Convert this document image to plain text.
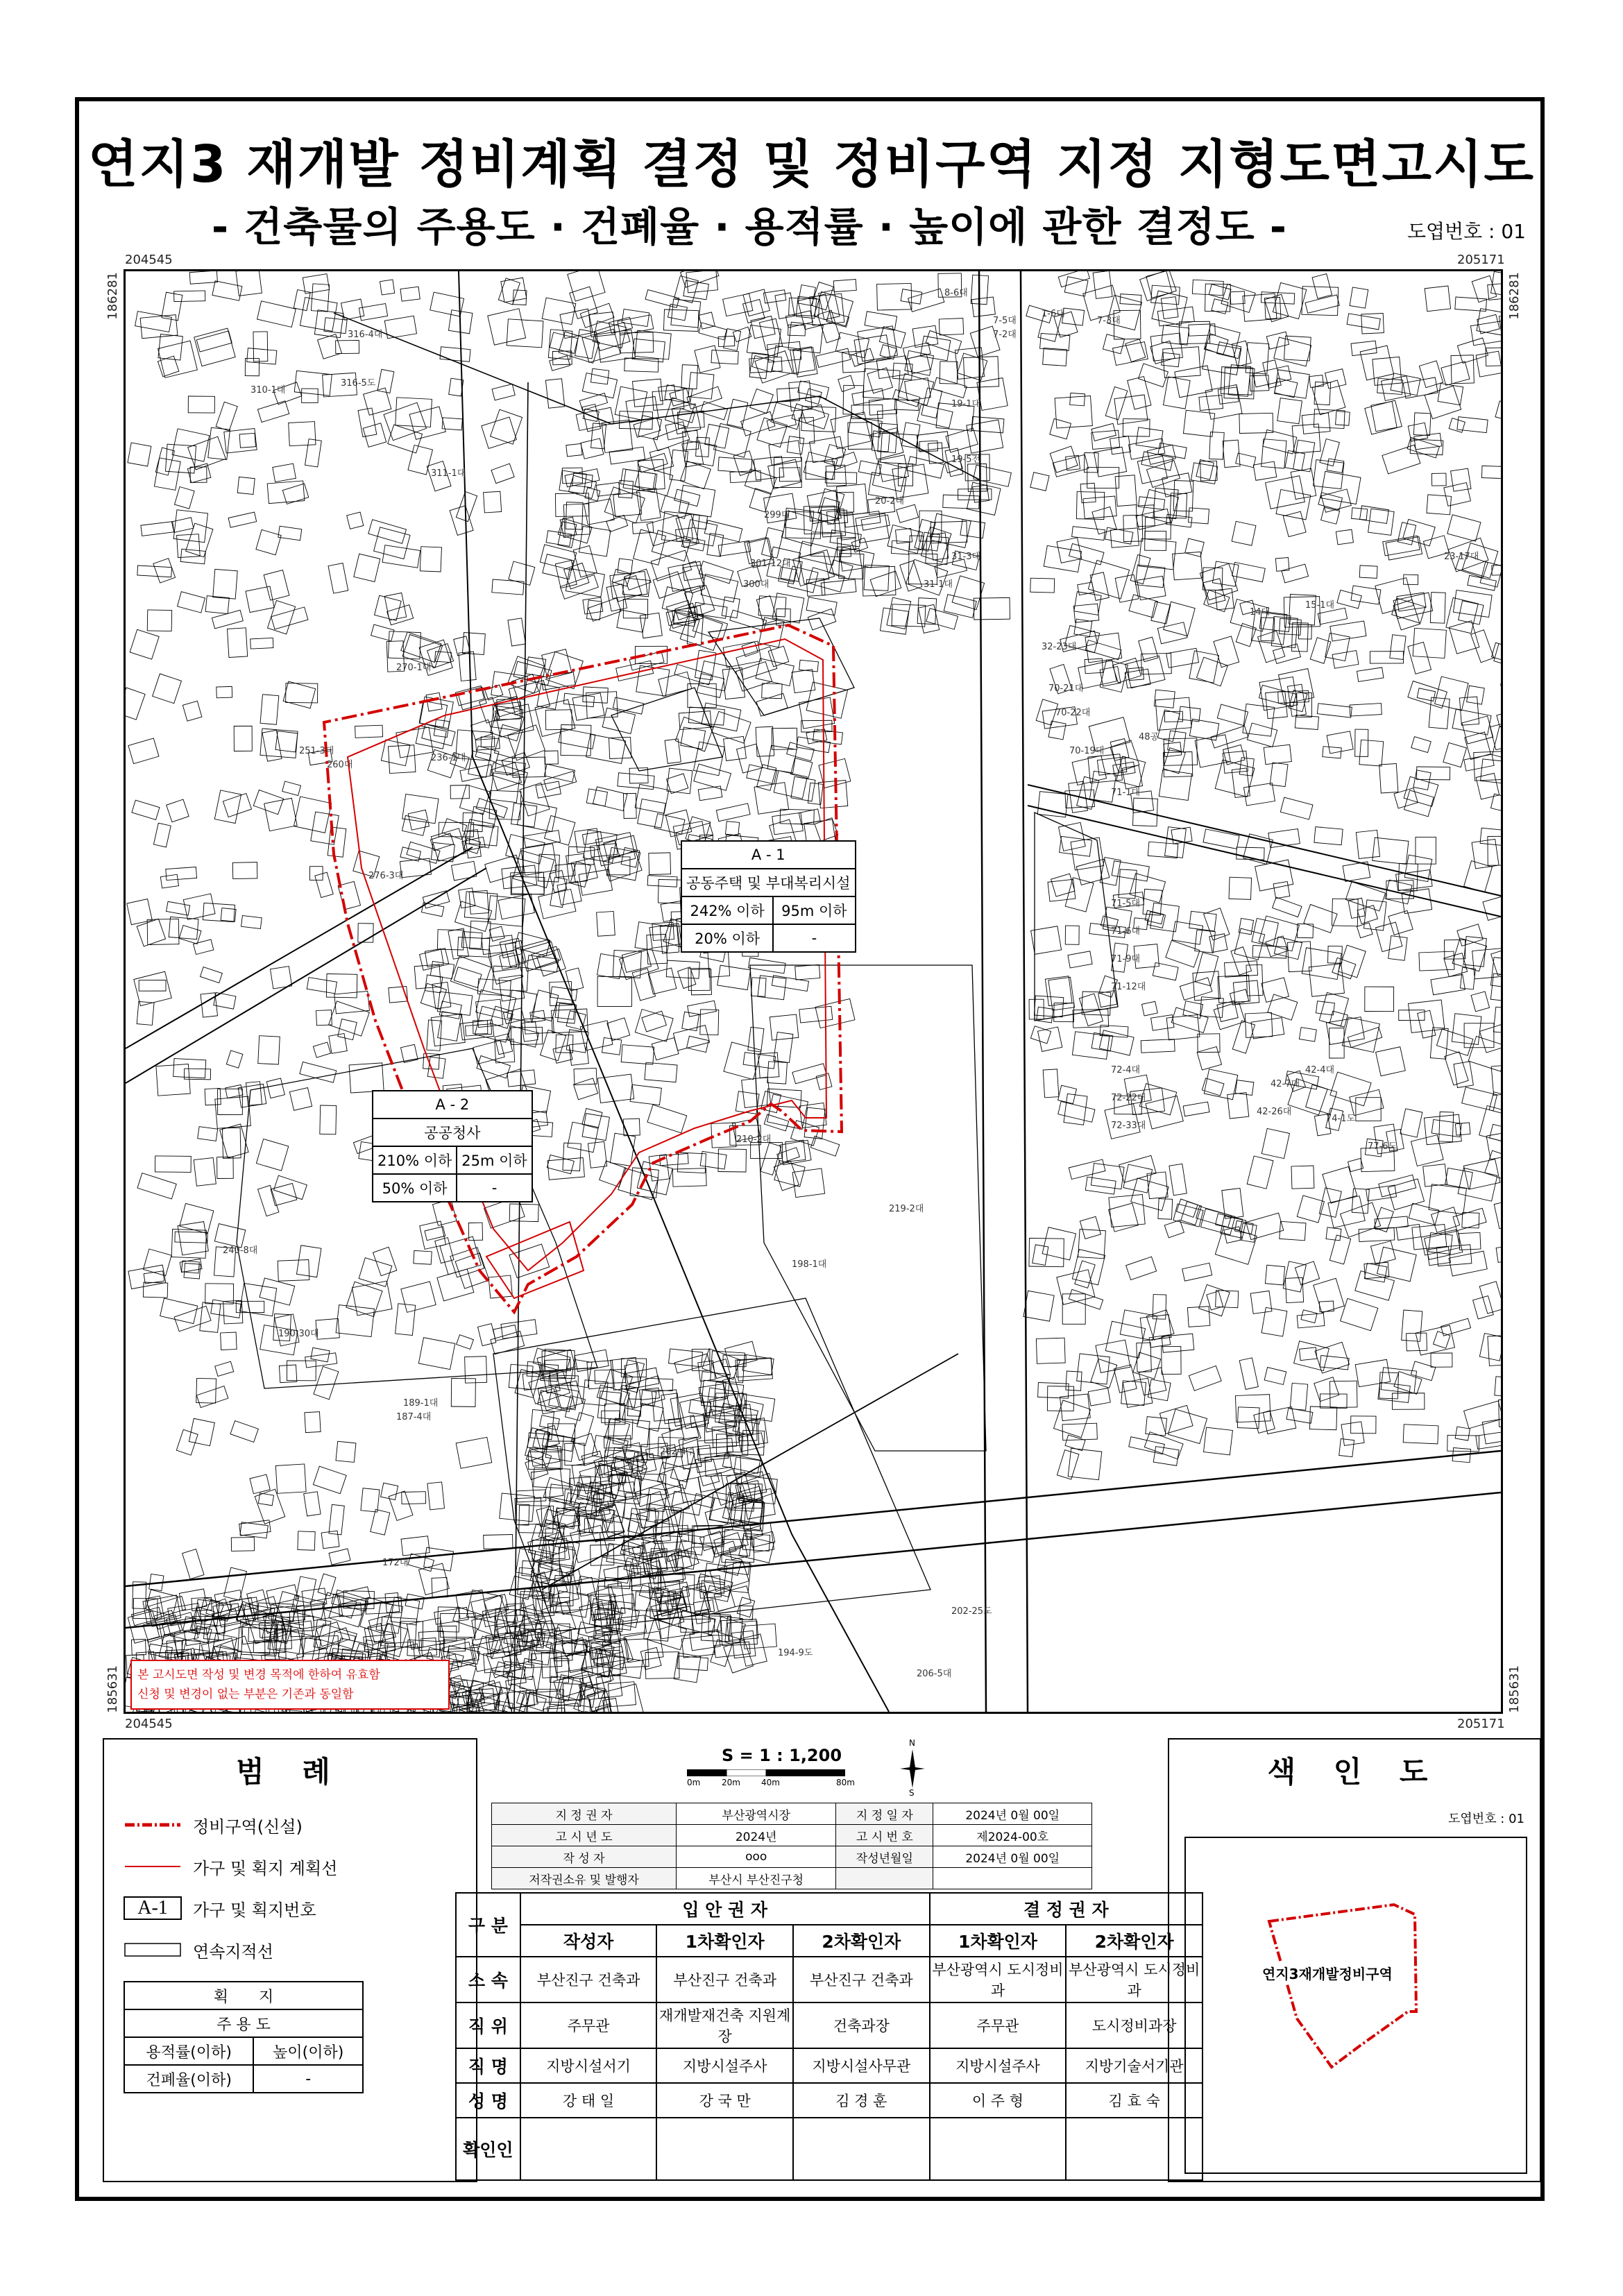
연지3 재개발 정비계획 결정 및 정비구역 지정 지형도면고시도
- 건축물의 주용도 · 건폐율 · 용적률 · 높이에 관한 결정도 -	도엽번호 : 01
204545	205171
204545	205171
186281	186281
185631	185631
316-4대
316-5도
310-1대
311-1대
299대
301-12대
300대
20-2대
19-1대
19-5전
31-3대
31-1대
23-17대
15-1대
14대
32-23대
70-21대
70-22대
70-19대
48공
71-1대
71-5대
71-6대
71-9대
71-12대
72-4대
72-22대
72-33대
42-4대
42-7대
42-26대
74-1도
77-6도
210-2대
219-2대
198-1대
202-4주
202-25도
194-9도
206-5대
172대
187-4대
189-1대
190-30대
240-8대
251-3대
260대
236-1대
270-1대
276-3대
8-6대
7-5대
7-2대
7-3대
1-6대
A - 1	
공동주택 및 부대복리시설	
242% 이하	95m 이하
20% 이하	-
A - 2	
공공청사	
210% 이하	25m 이하
50% 이하	-
본 고시도면 작성 및 변경 목적에 한하여 유효함
신청 및 변경이 없는 부분은 기존과 동일함
범 례
정비구역(신설)
가구 및 획지 계획선
A-1	가구 및 획지번호
연속지적선
획　　지	
주 용 도	
용적률(이하)	높이(이하)
건폐율(이하)	-
S = 1 : 1,200
0m	20m	40m	80m
N
S
지 정 권 자	부산광역시장	지 정 일 자	2024년 0월 00일
고 시 년 도	2024년	고 시 번 호	제2024-00호
작 성 자	ooo	작성년월일	2024년 0월 00일
저작권소유 및 발행자	부산시 부산진구청		
구 분	입 안 권 자			결 정 권 자	
	작성자	1차확인자	2차확인자	1차확인자	2차확인자
소 속	부산진구 건축과	부산진구 건축과	부산진구 건축과	부산광역시 도시정비과	부산광역시 도시정비과
직 위	주무관	재개발재건축 지원계장	건축과장	주무관	도시정비과장
직 명	지방시설서기	지방시설주사	지방시설사무관	지방시설주사	지방기술서기관
성 명	강 태 일	강 국 만	김 경 훈	이 주 형	김 효 숙
확인인					
색 인 도
도엽번호 : 01
연지3재개발정비구역
